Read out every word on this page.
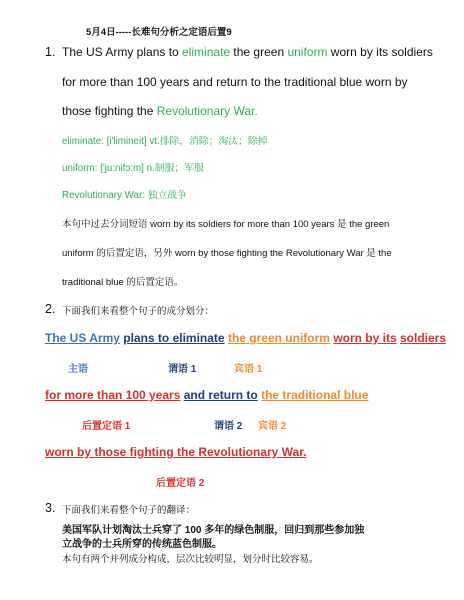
5月4日-----长难句分析之定语后置9
1. The US Army plans to eliminate the green uniform worn by its soldiers
for more than 100 years and return to the traditional blue worn by
those fighting the Revolutionary War.
eliminate: [i'limineit] vt.排除，消除；淘汰；除掉
uniform: ['ju:nifɔ:m] n.制服；军服
Revolutionary War: 独立战争
本句中过去分词短语 worn by its soldiers for more than 100 years 是 the green
uniform 的后置定语，另外 worn by those fighting the Revolutionary War 是 the
traditional blue 的后置定语。
2. 下面我们来看整个句子的成分划分：
The US Army plans to eliminate the green uniform worn by its soldiers
主语	谓语 1	宾语 1
for more than 100 years and return to the traditional blue
后置定语 1	谓语 2 宾语 2
worn by those fighting the Revolutionary War.
后置定语 2
3. 下面我们来看整个句子的翻译：
美国军队计划淘汰士兵穿了 100 多年的绿色制服，回归到那些参加独
立战争的士兵所穿的传统蓝色制服。
本句有两个并列成分构成，层次比较明显，划分时比较容易。
